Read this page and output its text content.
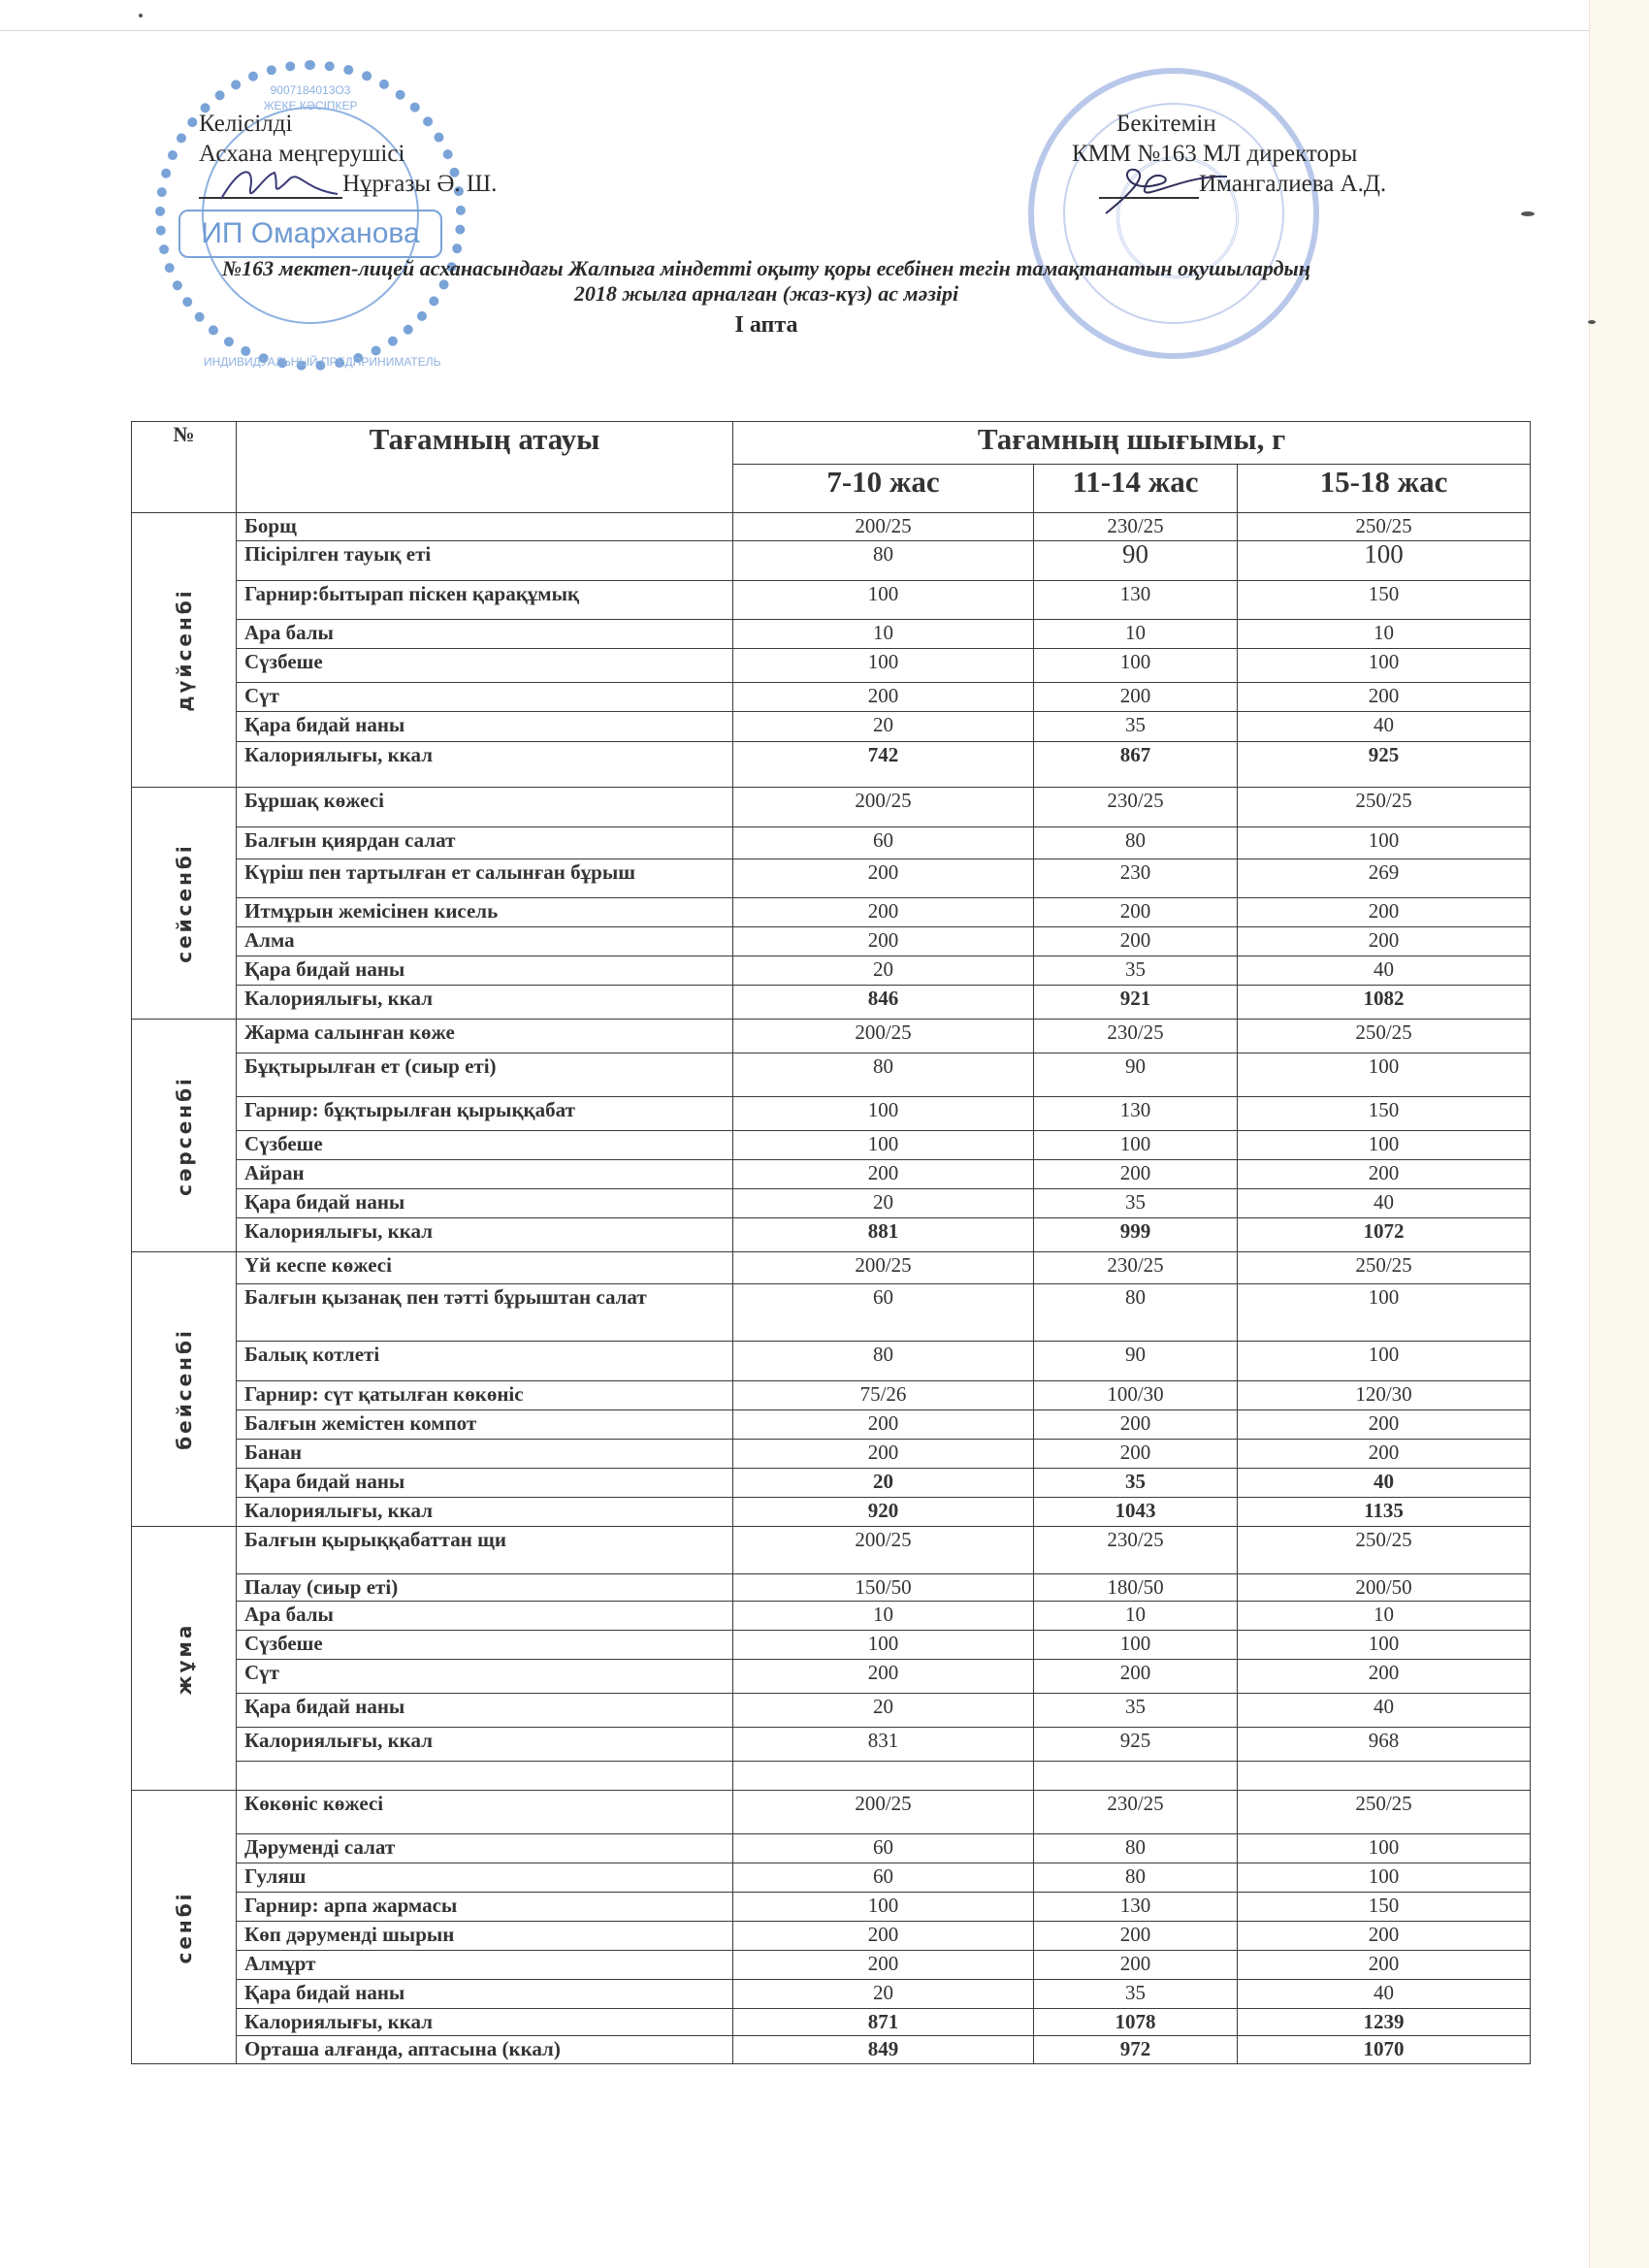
9007184013О3
ЖЕКЕ КӘСІПКЕР
ИП Омарханова
ИНДИВИДУАЛЬНЫЙ ПРЕДПРИНИМАТЕЛЬ
Келісілді
Асхана меңгерушісі
Нұрғазы Ә. Ш.
Бекітемін
КММ №163 МЛ директоры
Имангалиева А.Д.
№163 мектеп-лицей асханасындағы Жалпыға міндетті оқыту қоры есебінен тегін тамақтанатын оқушылардың
2018 жылға арналған (жаз-күз) ас мәзірі
І апта
№	Тағамның атауы	Тағамның шығымы, г		
		7-10 жас	11-14 жас	15-18 жас

дүйсенбі	Борщ	200/25	230/25	250/25
	Пісірілген тауық еті	80	90	100
	Гарнир:бытырап піскен қарақұмық	100	130	150
	Ара балы	10	10	10
	Сүзбеше	100	100	100
	Сүт	200	200	200
	Қара бидай наны	20	35	40
	Калориялығы, ккал	742	867	925

сейсенбі	Бұршақ көжесі	200/25	230/25	250/25
	Балғын қиярдан салат	60	80	100
	Күріш пен тартылған ет салынған бұрыш	200	230	269
	Итмұрын жемісінен кисель	200	200	200
	Алма	200	200	200
	Қара бидай наны	20	35	40
	Калориялығы, ккал	846	921	1082

сәрсенбі	Жарма салынған көже	200/25	230/25	250/25
	Бұқтырылған ет (сиыр еті)	80	90	100
	Гарнир: бұқтырылған қырыққабат	100	130	150
	Сүзбеше	100	100	100
	Айран	200	200	200
	Қара бидай наны	20	35	40
	Калориялығы, ккал	881	999	1072

бейсенбі	Үй кеспе көжесі	200/25	230/25	250/25
	Балғын қызанақ пен тәтті бұрыштан салат	60	80	100
	Балық котлеті	80	90	100
	Гарнир: сүт қатылған көкөніс	75/26	100/30	120/30
	Балғын жемістен компот	200	200	200
	Банан	200	200	200
	Қара бидай наны	20	35	40
	Калориялығы, ккал	920	1043	1135

жұма	Балғын қырыққабаттан щи	200/25	230/25	250/25
	Палау (сиыр еті)	150/50	180/50	200/50
	Ара балы	10	10	10
	Сүзбеше	100	100	100
	Сүт	200	200	200
	Қара бидай наны	20	35	40
	Калориялығы, ккал	831	925	968

сенбі	Көкөніс көжесі	200/25	230/25	250/25
	Дәруменді салат	60	80	100
	Гуляш	60	80	100
	Гарнир: арпа жармасы	100	130	150
	Көп дәруменді шырын	200	200	200
	Алмұрт	200	200	200
	Қара бидай наны	20	35	40
	Калориялығы, ккал	871	1078	1239
	Орташа алғанда, аптасына (ккал)	849	972	1070
